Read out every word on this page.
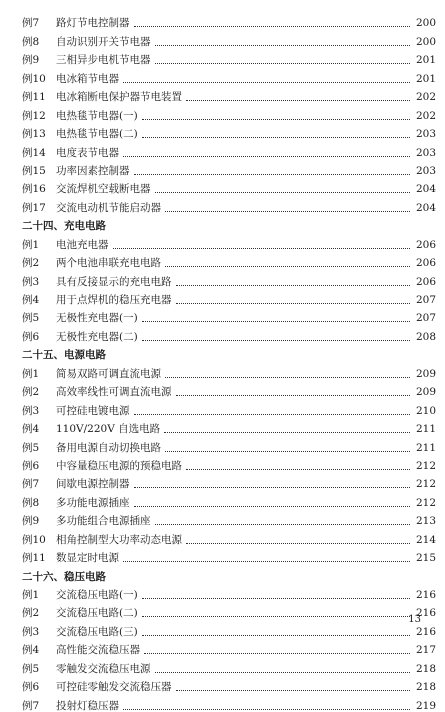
例7	路灯节电控制器	200
例8	自动识别开关节电器	200
例9	三相异步电机节电器	201
例10 电冰箱节电器	201
例11 电冰箱断电保护器节电装置	202
例12 电热毯节电器(一)	202
例13 电热毯节电器(二)	203
例14 电度表节电器	203
例15 功率因素控制器	203
例16 交流焊机空载断电器	204
例17 交流电动机节能启动器	204
二十四、充电电路
例1	电池充电器	206
例2	两个电池串联充电电路	206
例3	具有反接显示的充电电路	206
例4	用于点焊机的稳压充电器	207
例5	无极性充电器(一)	207
例6	无极性充电器(二)	208
二十五、电源电路
例1	简易双路可调直流电源	209
例2	高效率线性可调直流电源	209
例3	可控硅电镀电源	210
例4	110V/220V 自选电路	211
例5	备用电源自动切换电路	211
例6	中容量稳压电源的预稳电路	212
例7	间歇电源控制器	212
例8	多功能电源插座	212
例9	多功能组合电源插座	213
例10 相角控制型大功率动态电源	214
例11 数显定时电源	215
二十六、稳压电路
例1	交流稳压电路(一)	216
例2	交流稳压电路(二)	216
例3	交流稳压电路(三)	216
例4	高性能交流稳压器	217
例5	零触发交流稳压电源	218
例6	可控硅零触发交流稳压器	218
例7	投射灯稳压器	219
13
